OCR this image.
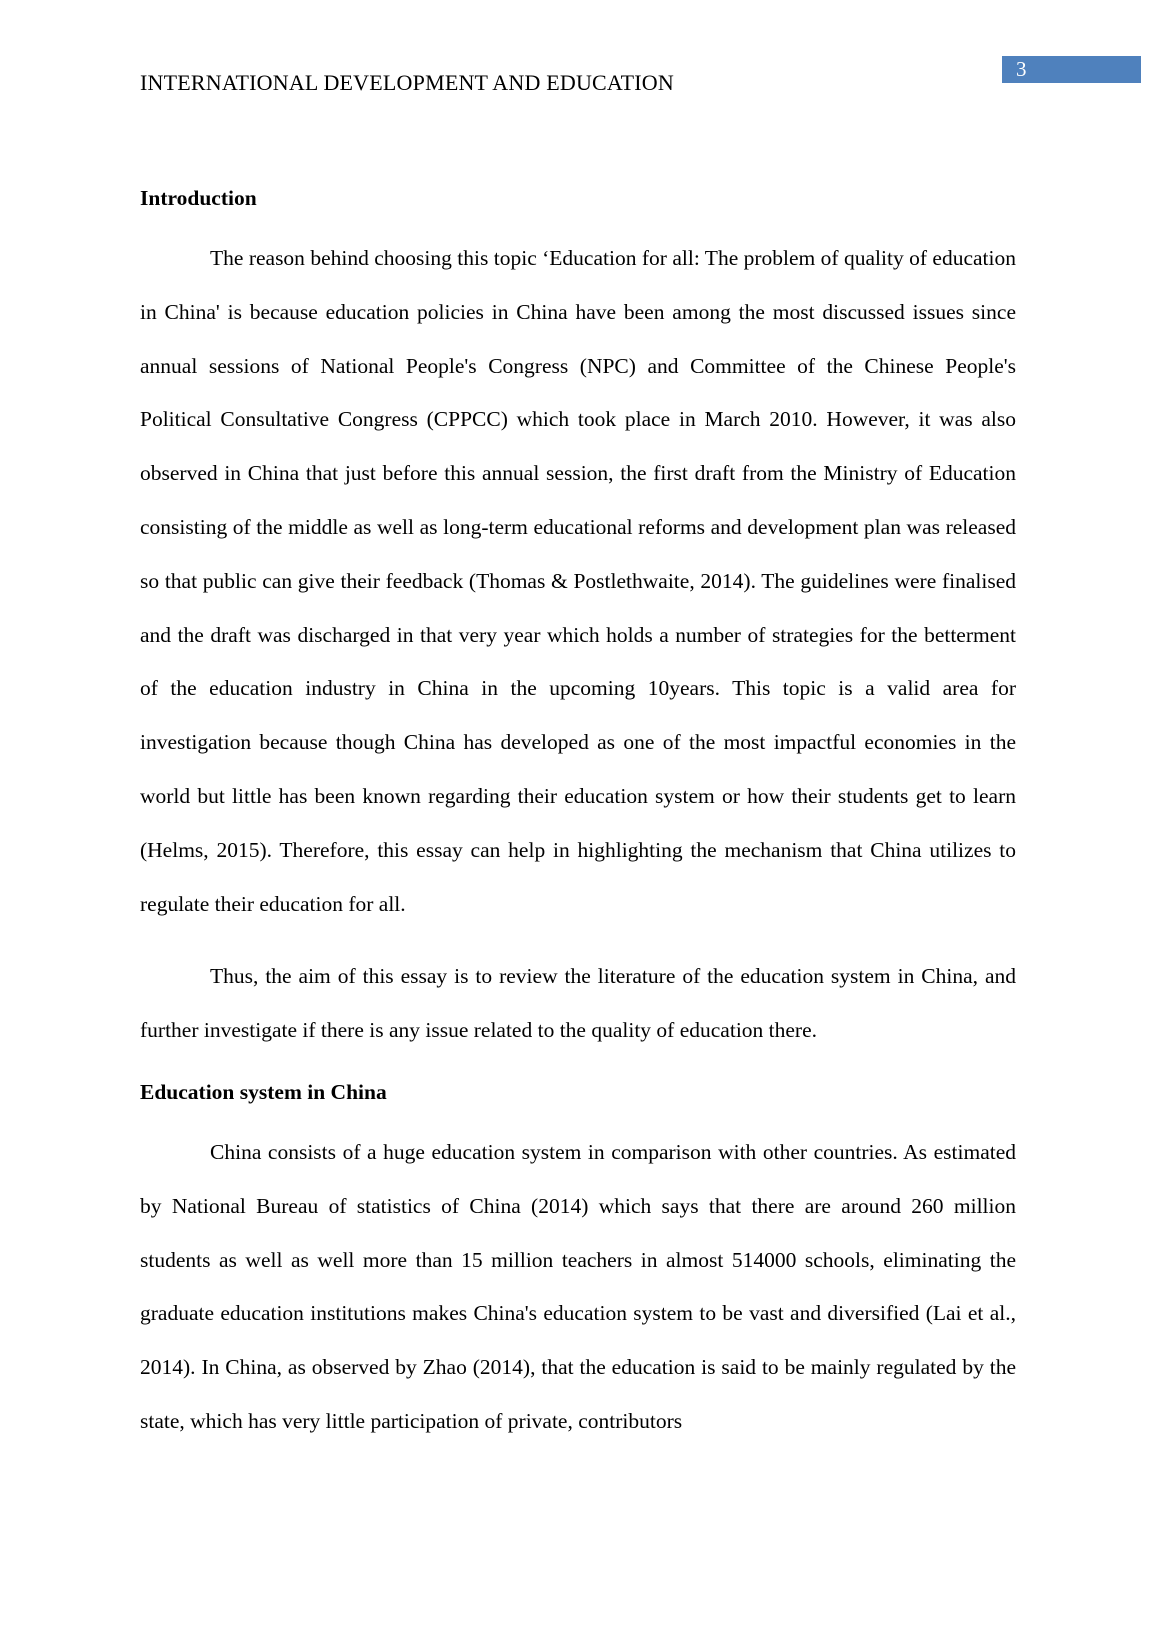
INTERNATIONAL DEVELOPMENT AND EDUCATION
3
Introduction

The reason behind choosing this topic ‘Education for all: The problem of quality of education in China' is because education policies in China have been among the most discussed issues since annual sessions of National People's Congress (NPC) and Committee of the Chinese People's Political Consultative Congress (CPPCC) which took place in March 2010. However, it was also observed in China that just before this annual session, the first draft from the Ministry of Education consisting of the middle as well as long-term educational reforms and development plan was released so that public can give their feedback (Thomas & Postlethwaite, 2014). The guidelines were finalised and the draft was discharged in that very year which holds a number of strategies for the betterment of the education industry in China in the upcoming 10years. This topic is a valid area for investigation because though China has developed as one of the most impactful economies in the world but little has been known regarding their education system or how their students get to learn (Helms, 2015). Therefore, this essay can help in highlighting the mechanism that China utilizes to regulate their education for all.

Thus, the aim of this essay is to review the literature of the education system in China, and further investigate if there is any issue related to the quality of education there.

Education system in China

China consists of a huge education system in comparison with other countries. As estimated by National Bureau of statistics of China (2014) which says that there are around 260 million students as well as well more than 15 million teachers in almost 514000 schools, eliminating the graduate education institutions makes China's education system to be vast and diversified (Lai et al., 2014). In China, as observed by Zhao (2014), that the education is said to be mainly regulated by the state, which has very little participation of private, contributors
